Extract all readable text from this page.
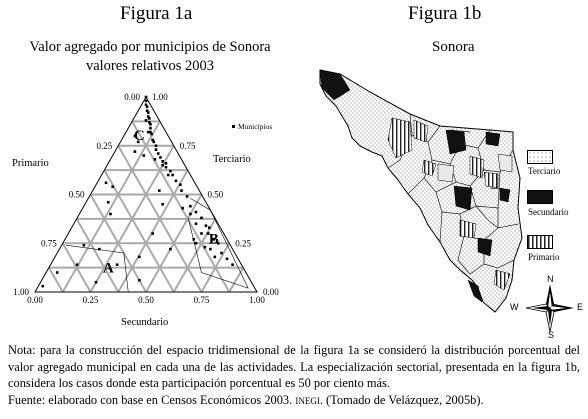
Figura 1a
Valor agregado por municipios de Sonora
valores relativos 2003
0.00
0.25
0.50
0.75
1.00
0.00	0.25	0.50	0.75	1.00
1.00
0.75
0.50
0.25
0.00
Primario	Terciario
Secundario
Municipios
A
B
C
Figura 1b
Sonora
Terciario
Secundario
Primario
N
S
E
W

Nota: para la construcción del espacio tridimensional de la figura 1a se consideró la distribución porcentual del valor agregado municipal en cada una de las actividades. La especialización sectorial, presentada en la figura 1b, considera los casos donde esta participación porcentual es 50 por ciento más.

Fuente: elaborado con base en Censos Económicos 2003. inegi. (Tomado de Velázquez, 2005b).
